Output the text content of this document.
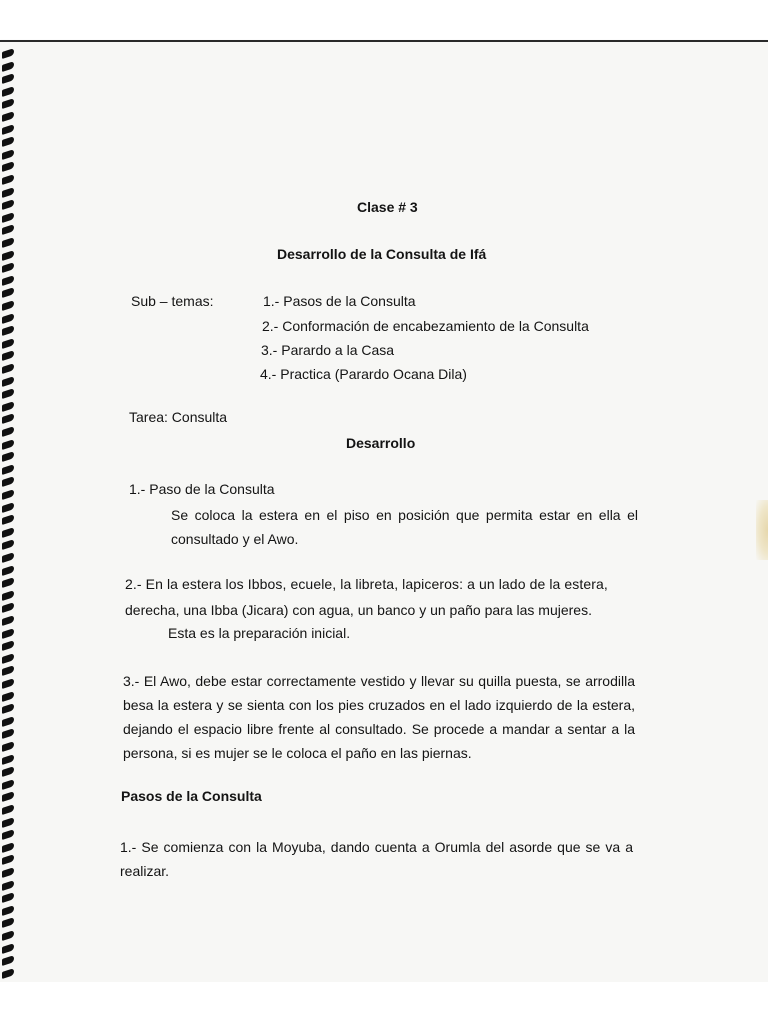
Clase # 3
Desarrollo de la Consulta de Ifá
Sub – temas:	1.- Pasos de la Consulta
2.- Conformación de encabezamiento de la Consulta
3.- Parardo a la Casa
4.- Practica (Parardo Ocana Dila)
Tarea: Consulta
Desarrollo
1.- Paso de la Consulta
Se coloca la estera en el piso en posición que permita estar en ella el consultado y el Awo.
2.- En la estera los Ibbos, ecuele, la libreta, lapiceros: a un lado de la estera,
derecha, una Ibba (Jicara) con agua, un banco y un paño para las mujeres.
Esta es la preparación inicial.
3.- El Awo, debe estar correctamente vestido y llevar su quilla puesta, se arrodilla besa la estera y se sienta con los pies cruzados en el lado izquierdo de la estera, dejando el espacio libre frente al consultado. Se procede a mandar a sentar a la persona, si es mujer se le coloca el paño en las piernas.
Pasos de la Consulta
1.- Se comienza con la Moyuba, dando cuenta a Orumla del asorde que se va a realizar.
